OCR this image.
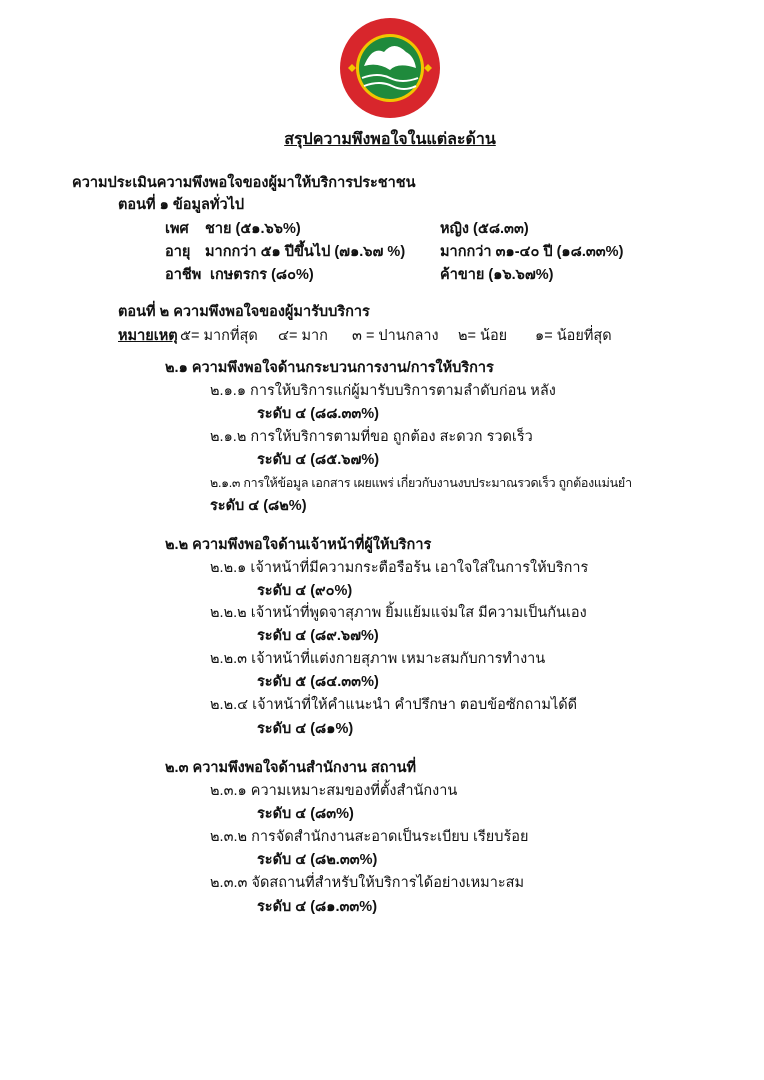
สรุปความพึงพอใจในแต่ละด้าน
ความประเมินความพึงพอใจของผู้มาให้บริการประชาชน
ตอนที่ ๑ ข้อมูลทั่วไป
เพศ ชาย (๕๑.๖๖%)	หญิง (๕๘.๓๓)
อายุ มากกว่า ๕๑ ปีขึ้นไป (๗๑.๖๗ %) มากกว่า ๓๑-๔๐ ปี (๑๘.๓๓%)
อาชีพ เกษตรกร (๘๐%)	ค้าขาย (๑๖.๖๗%)
ตอนที่ ๒ ความพึงพอใจของผู้มารับบริการ
หมายเหตุ ๕= มากที่สุด ๔= มาก ๓ = ปานกลาง ๒= น้อย ๑= น้อยที่สุด
๒.๑ ความพึงพอใจด้านกระบวนการงาน/การให้บริการ
๒.๑.๑ การให้บริการแก่ผู้มารับบริการตามลำดับก่อน หลัง
ระดับ ๔ (๘๘.๓๓%)
๒.๑.๒ การให้บริการตามที่ขอ ถูกต้อง สะดวก รวดเร็ว
ระดับ ๔ (๘๕.๖๗%)
๒.๑.๓ การให้ข้อมูล เอกสาร เผยแพร่ เกี่ยวกับงานงบประมาณรวดเร็ว ถูกต้องแม่นยำ
ระดับ ๔ (๘๒%)
๒.๒ ความพึงพอใจด้านเจ้าหน้าที่ผู้ให้บริการ
๒.๒.๑ เจ้าหน้าที่มีความกระตือรือร้น เอาใจใส่ในการให้บริการ
ระดับ ๔ (๙๐%)
๒.๒.๒ เจ้าหน้าที่พูดจาสุภาพ ยิ้มแย้มแจ่มใส มีความเป็นกันเอง
ระดับ ๔ (๘๙.๖๗%)
๒.๒.๓ เจ้าหน้าที่แต่งกายสุภาพ เหมาะสมกับการทำงาน
ระดับ ๕ (๘๔.๓๓%)
๒.๒.๔ เจ้าหน้าที่ให้คำแนะนำ คำปรึกษา ตอบข้อซักถามได้ดี
ระดับ ๔ (๘๑%)
๒.๓ ความพึงพอใจด้านสำนักงาน สถานที่
๒.๓.๑ ความเหมาะสมของที่ตั้งสำนักงาน
ระดับ ๔ (๘๓%)
๒.๓.๒ การจัดสำนักงานสะอาดเป็นระเบียบ เรียบร้อย
ระดับ ๔ (๘๒.๓๓%)
๒.๓.๓ จัดสถานที่สำหรับให้บริการได้อย่างเหมาะสม
ระดับ ๔ (๘๑.๓๓%)
